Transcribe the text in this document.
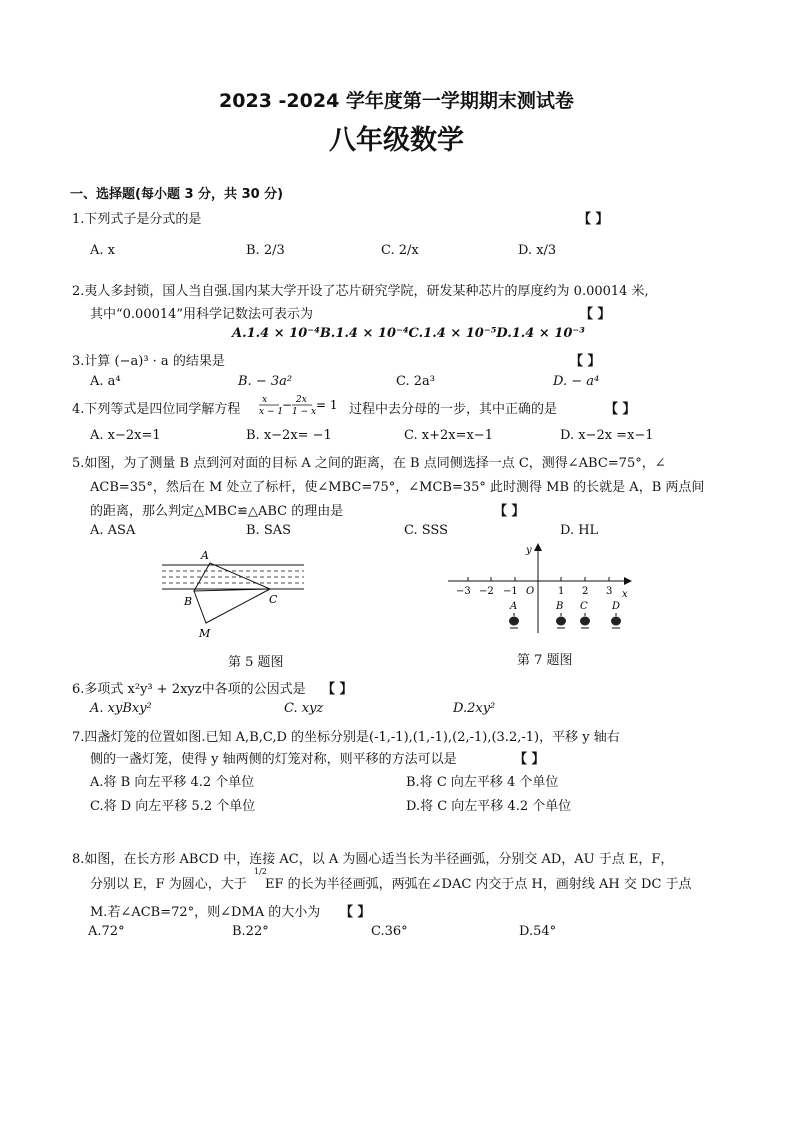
2023 -2024 学年度第一学期期末测试卷
八年级数学
一、选择题(每小题 3 分，共 30 分)
1.下列式子是分式的是	【 】
A. x	B. 2/3	C. 2/x	D. x/3
2.夷人多封锁，国人当自强.国内某大学开设了芯片研究学院，研发某种芯片的厚度约为 0.00014 米,
其中“0.00014”用科学记数法可表示为	【 】
A.1.4 × 10⁻⁴B.1.4 × 10⁻⁴C.1.4 × 10⁻⁵D.1.4 × 10⁻³
3.计算 (−a)³ · a 的结果是	【 】
A. a⁴	B. − 3a²	C. 2a³	D. − a⁴
4.下列等式是四位同学解方程
x
x − 1
− 2x
1 − x = 1 过程中去分母的一步，其中正确的是	【 】
A. x−2x=1	B. x−2x= −1	C. x+2x=x−1	D. x−2x =x−1
5.如图，为了测量 B 点到河对面的目标 A 之间的距离，在 B 点同侧选择一点 C，测得∠ABC=75°，∠
ACB=35°，然后在 M 处立了标杆，使∠MBC=75°，∠MCB=35° 此时测得 MB 的长就是 A，B 两点间
的距离，那么判定△MBC≌△ABC 的理由是	【 】
A. ASA	B. SAS	C. SSS	D. HL
A
B	C
M
第 5 题图
y
x
O
−3 −2 −1	1 2 3
A	B C D
第 7 题图
6.多项式 x²y³ + 2xyz中各项的公因式是 【 】
A. xyBxy²	C. xyz	D.2xy²
7.四盏灯笼的位置如图.已知 A,B,C,D 的坐标分别是(-1,-1),(1,-1),(2,-1),(3.2,-1)，平移 y 轴右
侧的一盏灯笼，使得 y 轴两侧的灯笼对称，则平移的方法可以是	【 】
A.将 B 向左平移 4.2 个单位	B.将 C 向左平移 4 个单位
C.将 D 向左平移 5.2 个单位	D.将 C 向左平移 4.2 个单位
8.如图，在长方形 ABCD 中，连接 AC，以 A 为圆心适当长为半径画弧，分别交 AD，AU 于点 E，F，
分别以 E，F 为圆心，大于
1/2
EF 的长为半径画弧，两弧在∠DAC 内交于点 H，画射线 AH 交 DC 于点
M.若∠ACB=72°，则∠DMA 的大小为 【 】
A.72°	B.22°	C.36°	D.54°
